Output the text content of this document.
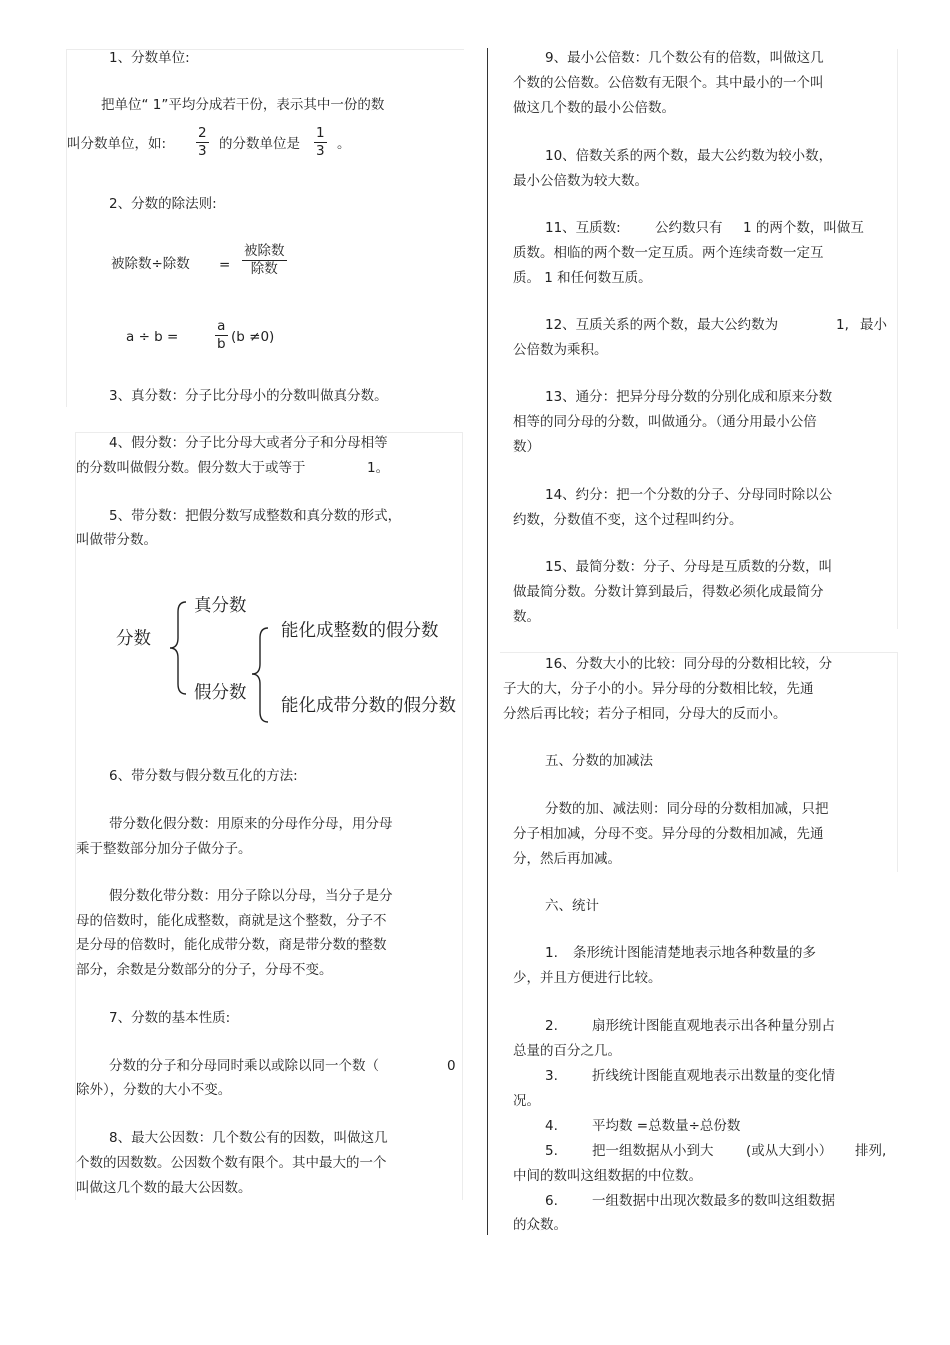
1、分数单位:
把单位“ 1”平均分成若干份，表示其中一份的数
叫分数单位，如: $\frac{2}{3}$ 的分数单位是 $\frac{1}{3}$ 。
2、分数的除法则:
被除数÷除数 =
被除数
除数
a ÷ b =	$\frac{a}{b} (b \ne 0)$
3、真分数：分子比分母小的分数叫做真分数。
4、假分数：分子比分母大或者分子和分母相等
的分数叫做假分数。假分数大于或等于	1。
5、带分数：把假分数写成整数和真分数的形式，
叫做带分数。
分数
真分数
假分数
能化成整数的假分数
能化成带分数的假分数
6、带分数与假分数互化的方法:
带分数化假分数：用原来的分母作分母，用分母
乘于整数部分加分子做分子。
假分数化带分数：用分子除以分母，当分子是分
母的倍数时，能化成整数，商就是这个整数，分子不
是分母的倍数时，能化成带分数，商是带分数的整数
部分，余数是分数部分的分子，分母不变。
7、分数的基本性质:
分数的分子和分母同时乘以或除以同一个数（	0
除外），分数的大小不变。
8、最大公因数：几个数公有的因数，叫做这几
个数的因数数。公因数个数有限个。其中最大的一个
叫做这几个数的最大公因数。
9、最小公倍数：几个数公有的倍数，叫做这几
个数的公倍数。公倍数有无限个。其中最小的一个叫
做这几个数的最小公倍数。
10、倍数关系的两个数，最大公约数为较小数，
最小公倍数为较大数。
11、互质数:	公约数只有 1 的两个数，叫做互
质数。相临的两个数一定互质。两个连续奇数一定互
质。 1 和任何数互质。
12、互质关系的两个数，最大公约数为	1, 最小
公倍数为乘积。
13、通分：把异分母分数的分别化成和原来分数
相等的同分母的分数，叫做通分。（通分用最小公倍
数）
14、约分：把一个分数的分子、分母同时除以公
约数，分数值不变，这个过程叫约分。
15、最简分数：分子、分母是互质数的分数，叫
做最简分数。分数计算到最后，得数必须化成最简分
数。
16、分数大小的比较：同分母的分数相比较，分
子大的大，分子小的小。异分母的分数相比较，先通
分然后再比较；若分子相同，分母大的反而小。
五、分数的加减法
分数的加、减法则：同分母的分数相加减，只把
分子相加减，分母不变。异分母的分数相加减，先通
分，然后再加减。
六、统计
1. 条形统计图能清楚地表示地各种数量的多
少，并且方便进行比较。
2.	扇形统计图能直观地表示出各种量分别占
总量的百分之几。
3.	折线统计图能直观地表示出数量的变化情
况。
4.	平均数 =总数量÷总份数
5.	把一组数据从小到大 (或从大到小） 排列,
中间的数叫这组数据的中位数。
6.	一组数据中出现次数最多的数叫这组数据
的众数。
